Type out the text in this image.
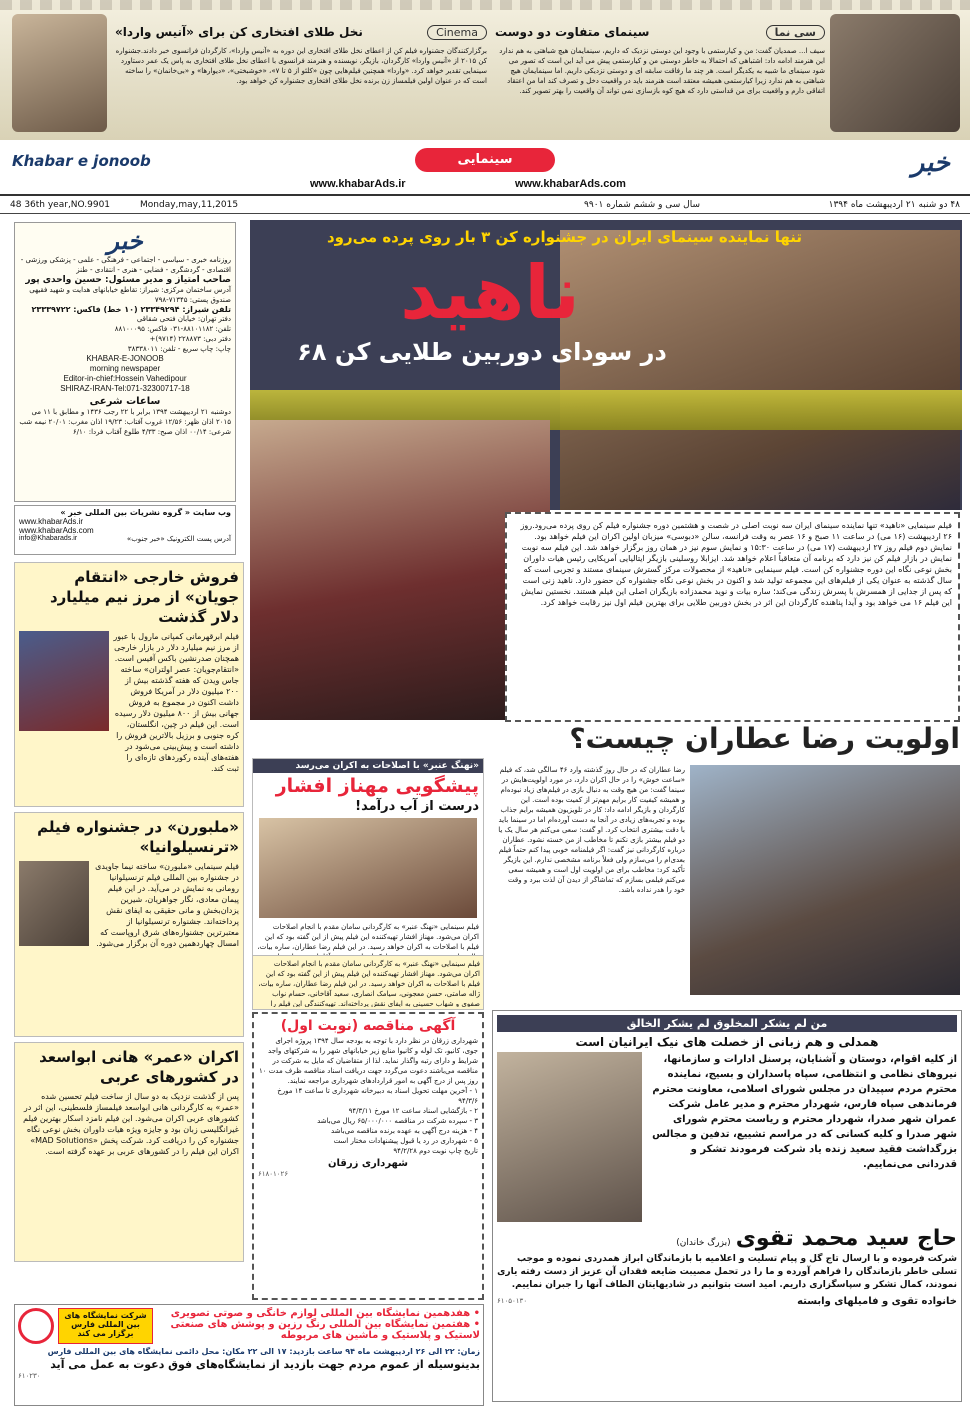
سی نما
سینمای متفاوت دو دوست
سیف ا... صمدیان گفت: من و کیارستمی با وجود این دوستی نزدیک که داریم، سینمایمان هیچ شباهتی به هم ندارد این هنرمند ادامه داد: اشتباهی که احتمالا به خاطر دوستی من و کیارستمی پیش می آید این است که تصور می شود سینمای ما شبیه به یکدیگر است. هر چند ما رفاقت سابقه ای و دوستی نزدیکی داریم. اما سینمایمان هیچ شباهتی به هم ندارد زیرا کیارستمی همیشه معتقد است هنرمند باید در واقعیت دخل و تصرف کند اما من اعتقاد اتفاقی دارم و واقعیت برای من قداستی دارد که هیچ کوه بازسازی نمی تواند آن واقعیت را بهتر تصویر کند.
Cinema
نخل طلای افتخاری کن برای «آنیس واردا»
برگزارکنندگان جشنواره فیلم کن از اعطای نخل طلای افتخاری این دوره به «آنیس واردا»، کارگردان فرانسوی خبر دادند.جشنواره کن ۲۰۱۵ از «آنیس واردا» کارگردان، بازیگر، نویسنده و هنرمند فرانسوی با اعطای نخل طلای افتخاری به پاس یک عمر دستاورد سینمایی تقدیر خواهد کرد. «واردا» همچنین فیلم‌هایی چون «کلئو از ۵ تا ۷»، «خوشبختی»، «دیوارها» و «بی‌خانمان» را ساخته است که در عنوان اولین فیلمساز زن برنده نخل طلای افتخاری جشنواره کن خواهد بود.
خبر
Khabar e jonoob	سینمایی
www.khabarAds.ir	www.khabarAds.com
۴۸ دو شنبه ۲۱ اردیبهشت ماه ۱۳۹۴
سال سی و ششم شماره ۹۹۰۱
Monday,may,11,2015
48 36th year,NO.9901
خبر
روزنامه خبری - سیاسی - اجتماعی - فرهنگی - علمی - پزشکی ورزشی - اقتصادی - گردشگری - فضایی - هنری - انتقادی - طنز
صاحب امتیاز و مدیر مسئول: حسین واحدی پور
آدرس ساختمان مرکزی: شیراز: تقاطع خیابانهای هدایت و شهید فقیهی صندوق پستی: ۷۱۳۴۵-۷۹۸
تلفن شیراز: ۲۳۳۴۹۲۹۴ (۱۰ خط) فاکس: ۲۳۳۳۹۷۲۲
دفتر تهران: خیابان فتحی شقاقی
تلفن: ۸۸۱۰۱۱۸۲-۰۳۱ فاکس: ۸۸۱۰۰۰۹۵
دفتر دبی: ۲۲۸۸۷۳ (۹۷۱۴)+
چاپ: چاپ سریع - تلفن: ۳۸۳۳۸۰۱۱
KHABAR-E-JONOOB
morning newspaper
Editor-in-chief:Hossein Vahedipour
SHIRAZ-IRAN-Tel:071-32300717-18
ساعات شرعی
دوشنبه ۲۱ اردیبهشت ۱۳۹۴ برابر با ۲۲ رجب ۱۴۳۶ و مطابق با ۱۱ می ۲۰۱۵ اذان ظهر: ۱۲/۵۶ غروب آفتاب: ۱۹/۲۳ اذان مغرب: ۲۰/۰۱ نیمه شب شرعی: ۰۰/۱۴ اذان صبح: ۴/۳۳ طلوع آفتاب فردا: ۶/۱۰
وب سایت « گروه نشریات بین المللی خبر »
www.khabarAds.ir
www.khabarAds.com
آدرس پست الکترونیک «خبر جنوب»
info@Khabarads.ir
تنها نماینده سینمای ایران در جشنواره کن ۳ بار روی پرده می‌رود
ناهید
در سودای دوربین طلایی کن ۶۸
فیلم سینمایی «ناهید» تنها نماینده سینمای ایران سه نوبت اصلی در شصت و هشتمین دوره جشنواره فیلم کن روی پرده می‌رود.روز ۲۶ اردیبهشت (۱۶ می) در ساعت ۱۱ صبح و ۱۶ عصر به وقت فرانسه، سالن «دبوسی» میزبان اولین اکران این فیلم خواهد بود. نمایش دوم فیلم روز ۲۷ اردیبهشت (۱۷ می) در ساعت ۱۵:۳۰ و نمایش سوم نیز در همان روز برگزار خواهد شد. این فیلم سه نوبت نمایش در بازار فیلم کن نیز دارد که برنامه آن متعاقباً اعلام خواهد شد. ایزابلا روسلینی بازیگر ایتالیایی آمریکایی رئیس هیات داوران بخش نوعی نگاه این دوره جشنواره کن است. فیلم سینمایی «ناهید» از محصولات مرکز گسترش سینمای مستند و تجربی است که سال گذشته به عنوان یکی از فیلم‌های این مجموعه تولید شد و اکنون در بخش نوعی نگاه جشنواره کن حضور دارد. ناهید زنی است که پس از جدایی از همسرش با پسرش زندگی می‌کند؛ ساره بیات و نوید محمدزاده بازیگران اصلی این فیلم هستند. نخستین نمایش این فیلم ۱۶ می خواهد بود و آیدا پناهنده کارگردان این اثر در بخش دوربین طلایی برای بهترین فیلم اول نیز رقابت خواهد کرد.
فروش خارجی «انتقام جویان» از مرز نیم میلیارد دلار گذشت
فیلم ابرقهرمانی کمپانی مارول با عبور از مرز نیم میلیارد دلار در بازار خارجی همچنان صدرنشین باکس آفیس است. «انتقام‌جویان: عصر اولتران» ساخته جاس ویدن که هفته گذشته بیش از ۲۰۰ میلیون دلار در آمریکا فروش داشت اکنون در مجموع به فروش جهانی بیش از ۸۰۰ میلیون دلار رسیده است. این فیلم در چین، انگلستان، کره جنوبی و برزیل بالاترین فروش را داشته است و پیش‌بینی می‌شود در هفته‌های آینده رکوردهای تازه‌ای را ثبت کند.
«ملبورن» در جشنواره فیلم «ترنسیلوانیا»
فیلم سینمایی «ملبورن» ساخته نیما جاویدی در جشنواره بین المللی فیلم ترنسیلوانیا رومانی به نمایش در می‌آید. در این فیلم پیمان معادی، نگار جواهریان، شیرین یزدان‌بخش و مانی حقیقی به ایفای نقش پرداخته‌اند. جشنواره ترنسیلوانیا از معتبرترین جشنواره‌های شرق اروپاست که امسال چهاردهمین دوره آن برگزار می‌شود.
اکران «عمر» هانی ابواسعد در کشورهای عربی
پس از گذشت نزدیک به دو سال از ساخت فیلم تحسین شده «عمر» به کارگردانی هانی ابواسعد فیلمساز فلسطینی، این اثر در کشورهای عربی اکران می‌شود. این فیلم نامزد اسکار بهترین فیلم غیرانگلیسی زبان بود و جایزه ویژه هیات داوران بخش نوعی نگاه جشنواره کن را دریافت کرد. شرکت پخش «MAD Solutions» اکران این فیلم را در کشورهای عربی بر عهده گرفته است.
«نهنگ عنبر» با اصلاحات به اکران می‌رسد
پیشگویی مهناز افشار
درست از آب درآمد!
فیلم سینمایی «نهنگ عنبر» به کارگردانی سامان مقدم با انجام اصلاحات اکران می‌شود. مهناز افشار تهیه‌کننده این فیلم پیش از این گفته بود که این فیلم با اصلاحات به اکران خواهد رسید. در این فیلم رضا عطاران، ساره بیات،
فیلم سینمایی «نهنگ عنبر» به کارگردانی سامان مقدم با انجام اصلاحات اکران می‌شود. مهناز افشار تهیه‌کننده این فیلم پیش از این گفته بود که این فیلم با اصلاحات به اکران خواهد رسید. در این فیلم رضا عطاران، ساره بیات، ژاله صامتی، حسن معجونی، سیامک انصاری، سعید آقاخانی، حسام نواب صفوی و شهاب حسینی به ایفای نقش پرداخته‌اند. تهیه‌کنندگی این فیلم را
اولویت رضا عطاران چیست؟
رضا عطاران که در حال روز گذشته وارد ۴۶ سالگی شد، که فیلم «ساعت خوش» را در حال اکران دارد، در مورد اولویت‌هایش در سینما گفت: من هیچ وقت به دنبال بازی در فیلم‌های زیاد نبوده‌ام و همیشه کیفیت کار برایم مهم‌تر از کمیت بوده است. این کارگردان و بازیگر ادامه داد: کار در تلویزیون همیشه برایم جذاب بوده و تجربه‌های زیادی در آنجا به دست آورده‌ام اما در سینما باید با دقت بیشتری انتخاب کرد. او گفت: سعی می‌کنم هر سال یک یا دو فیلم بیشتر بازی نکنم تا مخاطب از من خسته نشود. عطاران درباره کارگردانی نیز گفت: اگر فیلمنامه خوبی پیدا کنم حتماً فیلم بعدی‌ام را می‌سازم ولی فعلاً برنامه مشخصی ندارم. این بازیگر تأکید کرد: مخاطب برای من اولویت اول است و همیشه سعی می‌کنم فیلمی بسازم که تماشاگر از دیدن آن لذت ببرد و وقت خود را هدر نداده باشد.
آگهی مناقصه (نوبت اول)
شهرداری زرقان در نظر دارد با توجه به بودجه سال ۱۳۹۴ پروژه اجرای جوی، کانیو، تک لوله و کانیوا منابع زیر خیابانهای شهر را به شرکتهای واجد شرایط و دارای رتبه واگذار نماید. لذا از متقاضیان که مایل به شرکت در مناقصه می‌باشند دعوت می‌گردد جهت دریافت اسناد مناقصه ظرف مدت ۱۰ روز پس از درج آگهی به امور قراردادهای شهرداری مراجعه نمایند.
۱ - آخرین مهلت تحویل اسناد به دبیرخانه شهرداری تا ساعت ۱۴ مورخ ۹۴/۳/۶
۲ - بازگشایی اسناد ساعت ۱۲ مورخ ۹۴/۳/۱۱
۳ - سپرده شرکت در مناقصه ۶۵/۰۰۰/۰۰۰ ریال می‌باشد
۴ - هزینه درج آگهی به عهده برنده مناقصه می‌باشد
۵ - شهرداری در رد یا قبول پیشنهادات مختار است
تاریخ چاپ نوبت دوم ۹۴/۲/۲۸
شهرداری زرقان
۶۱۸۰۱۰۲۶
من لم یشکر المخلوق لم یشکر الخالق
همدلی و هم زبانی از خصلت های نیک ایرانیان است
از کلیه اقوام، دوستان و آشنایان، پرسنل ادارات و سازمانها، نیروهای نظامی و انتظامی، سپاه پاسداران و بسیج، نماینده محترم مردم سپیدان در مجلس شورای اسلامی، معاونت محترم فرماندهی سپاه فارس، شهردار محترم و مدیر عامل شرکت عمران شهر صدرا، شهردار محترم و ریاست محترم شورای شهر صدرا و کلیه کسانی که در مراسم تشییع، تدفین و مجالس بزرگداشت فقید سعید زنده یاد شرکت فرمودند تشکر و قدردانی می‌نماییم.
حاج سید محمد تقوی (بزرگ خاندان)
شرکت فرموده و با ارسال تاج گل و پیام تسلیت و اعلامیه با بازماندگان ابراز همدردی نموده و موجب تسلی خاطر بازماندگان را فراهم آورده و ما را در تحمل مصیبت ضایعه فقدان آن عزیز از دست رفته یاری نمودند، کمال تشکر و سپاسگزاری داریم. امید است بتوانیم در شادیهایتان الطاف آنها را جبران نماییم.
خانواده تقوی و فامیلهای وابسته
۶۱۰۵۰۱۳۰
• هفدهمین نمایشگاه بین المللی لوازم خانگی و صوتی تصویری
• هفتمین نمایشگاه بین المللی رنگ رزین و پوشش های صنعتی
لاستیک و پلاستیک و ماشین های مربوطه
شرکت نمایشگاه های بین المللی فارس برگزار می کند
زمان: ۲۲ الی ۲۶ اردیبهشت ماه ۹۴ ساعت بازدید: ۱۷ الی ۲۲ مکان: محل دائمی نمایشگاه های بین المللی فارس
بدینوسیله از عموم مردم جهت بازدید از نمایشگاه‌های فوق دعوت به عمل می آید
۶۱۰۲۳۰
